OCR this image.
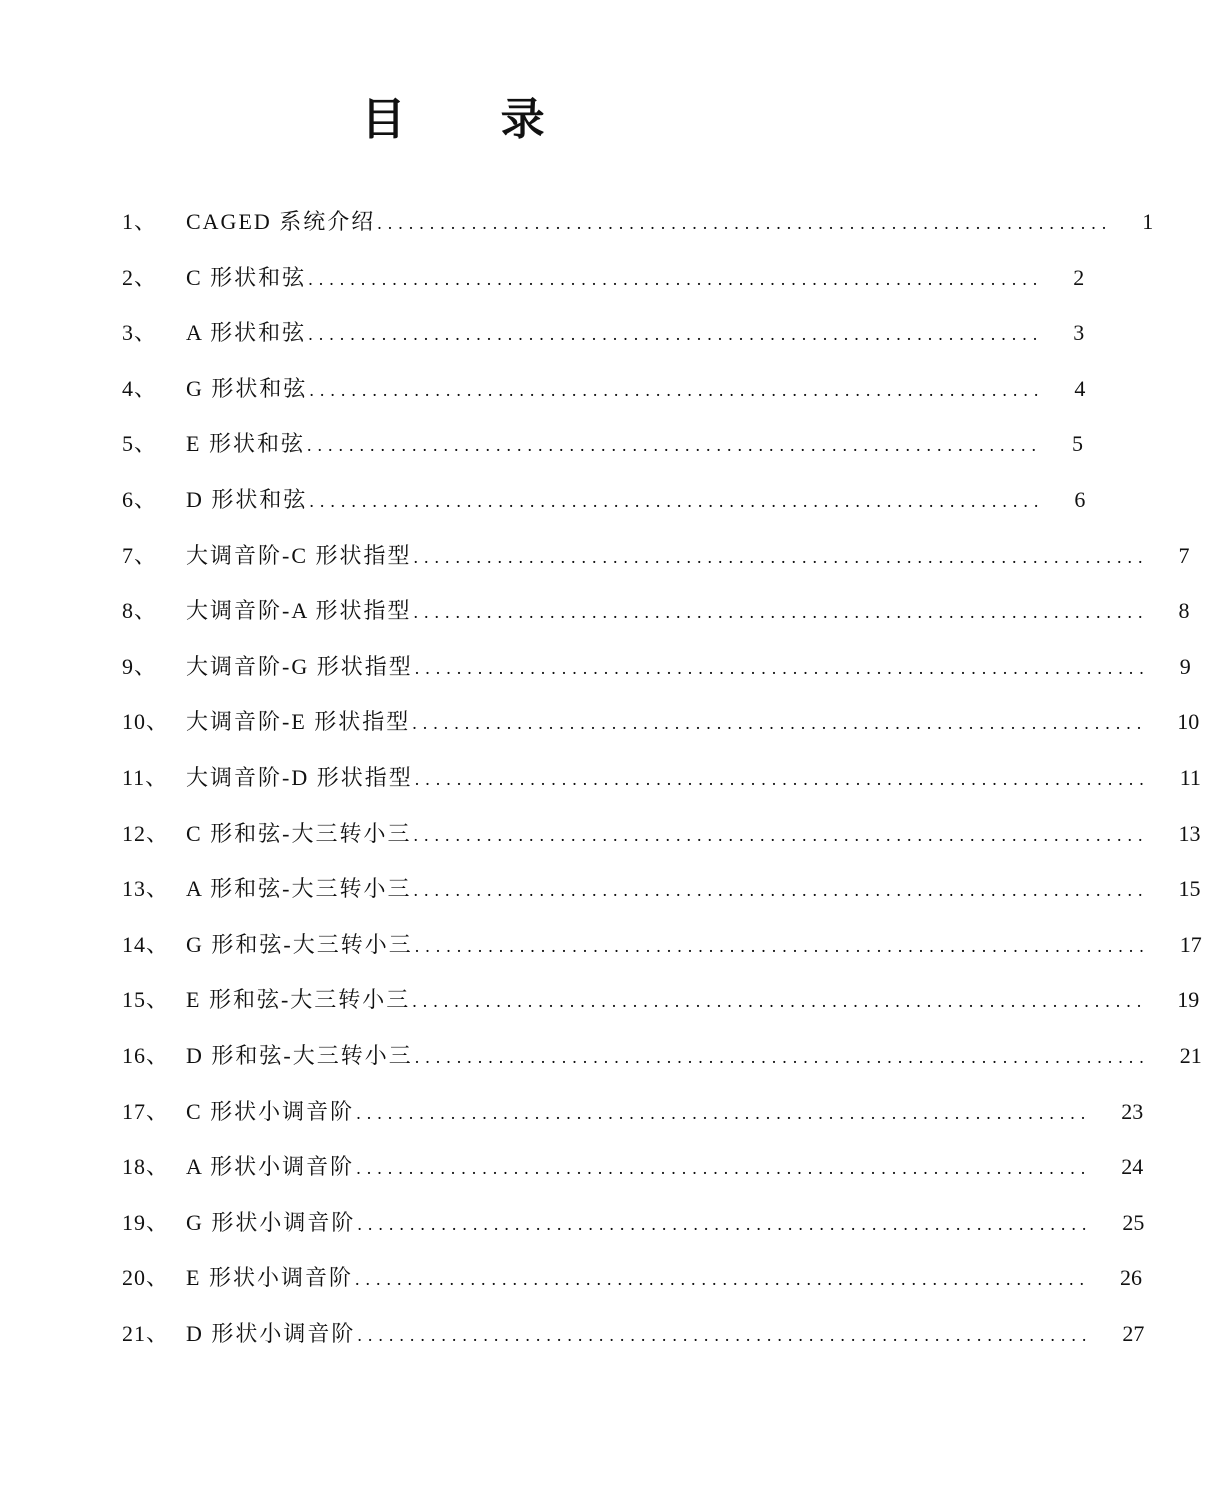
目 录
1、	CAGED 系统介绍 ...................................................................... 1
2、	C 形状和弦 ...................................................................... 2
3、	A 形状和弦 ...................................................................... 3
4、	G 形状和弦 ...................................................................... 4
5、	E 形状和弦 ...................................................................... 5
6、	D 形状和弦 ...................................................................... 6
7、	大调音阶-C 形状指型 ...................................................................... 7
8、	大调音阶-A 形状指型 ...................................................................... 8
9、	大调音阶-G 形状指型 ...................................................................... 9
10、 大调音阶-E 形状指型 ...................................................................... 10
11、 大调音阶-D 形状指型 ...................................................................... 11
12、 C 形和弦-大三转小三 ...................................................................... 13
13、 A 形和弦-大三转小三 ...................................................................... 15
14、 G 形和弦-大三转小三 ...................................................................... 17
15、 E 形和弦-大三转小三 ...................................................................... 19
16、 D 形和弦-大三转小三 ...................................................................... 21
17、 C 形状小调音阶 ...................................................................... 23
18、 A 形状小调音阶 ...................................................................... 24
19、 G 形状小调音阶 ...................................................................... 25
20、 E 形状小调音阶 ...................................................................... 26
21、 D 形状小调音阶 ...................................................................... 27
